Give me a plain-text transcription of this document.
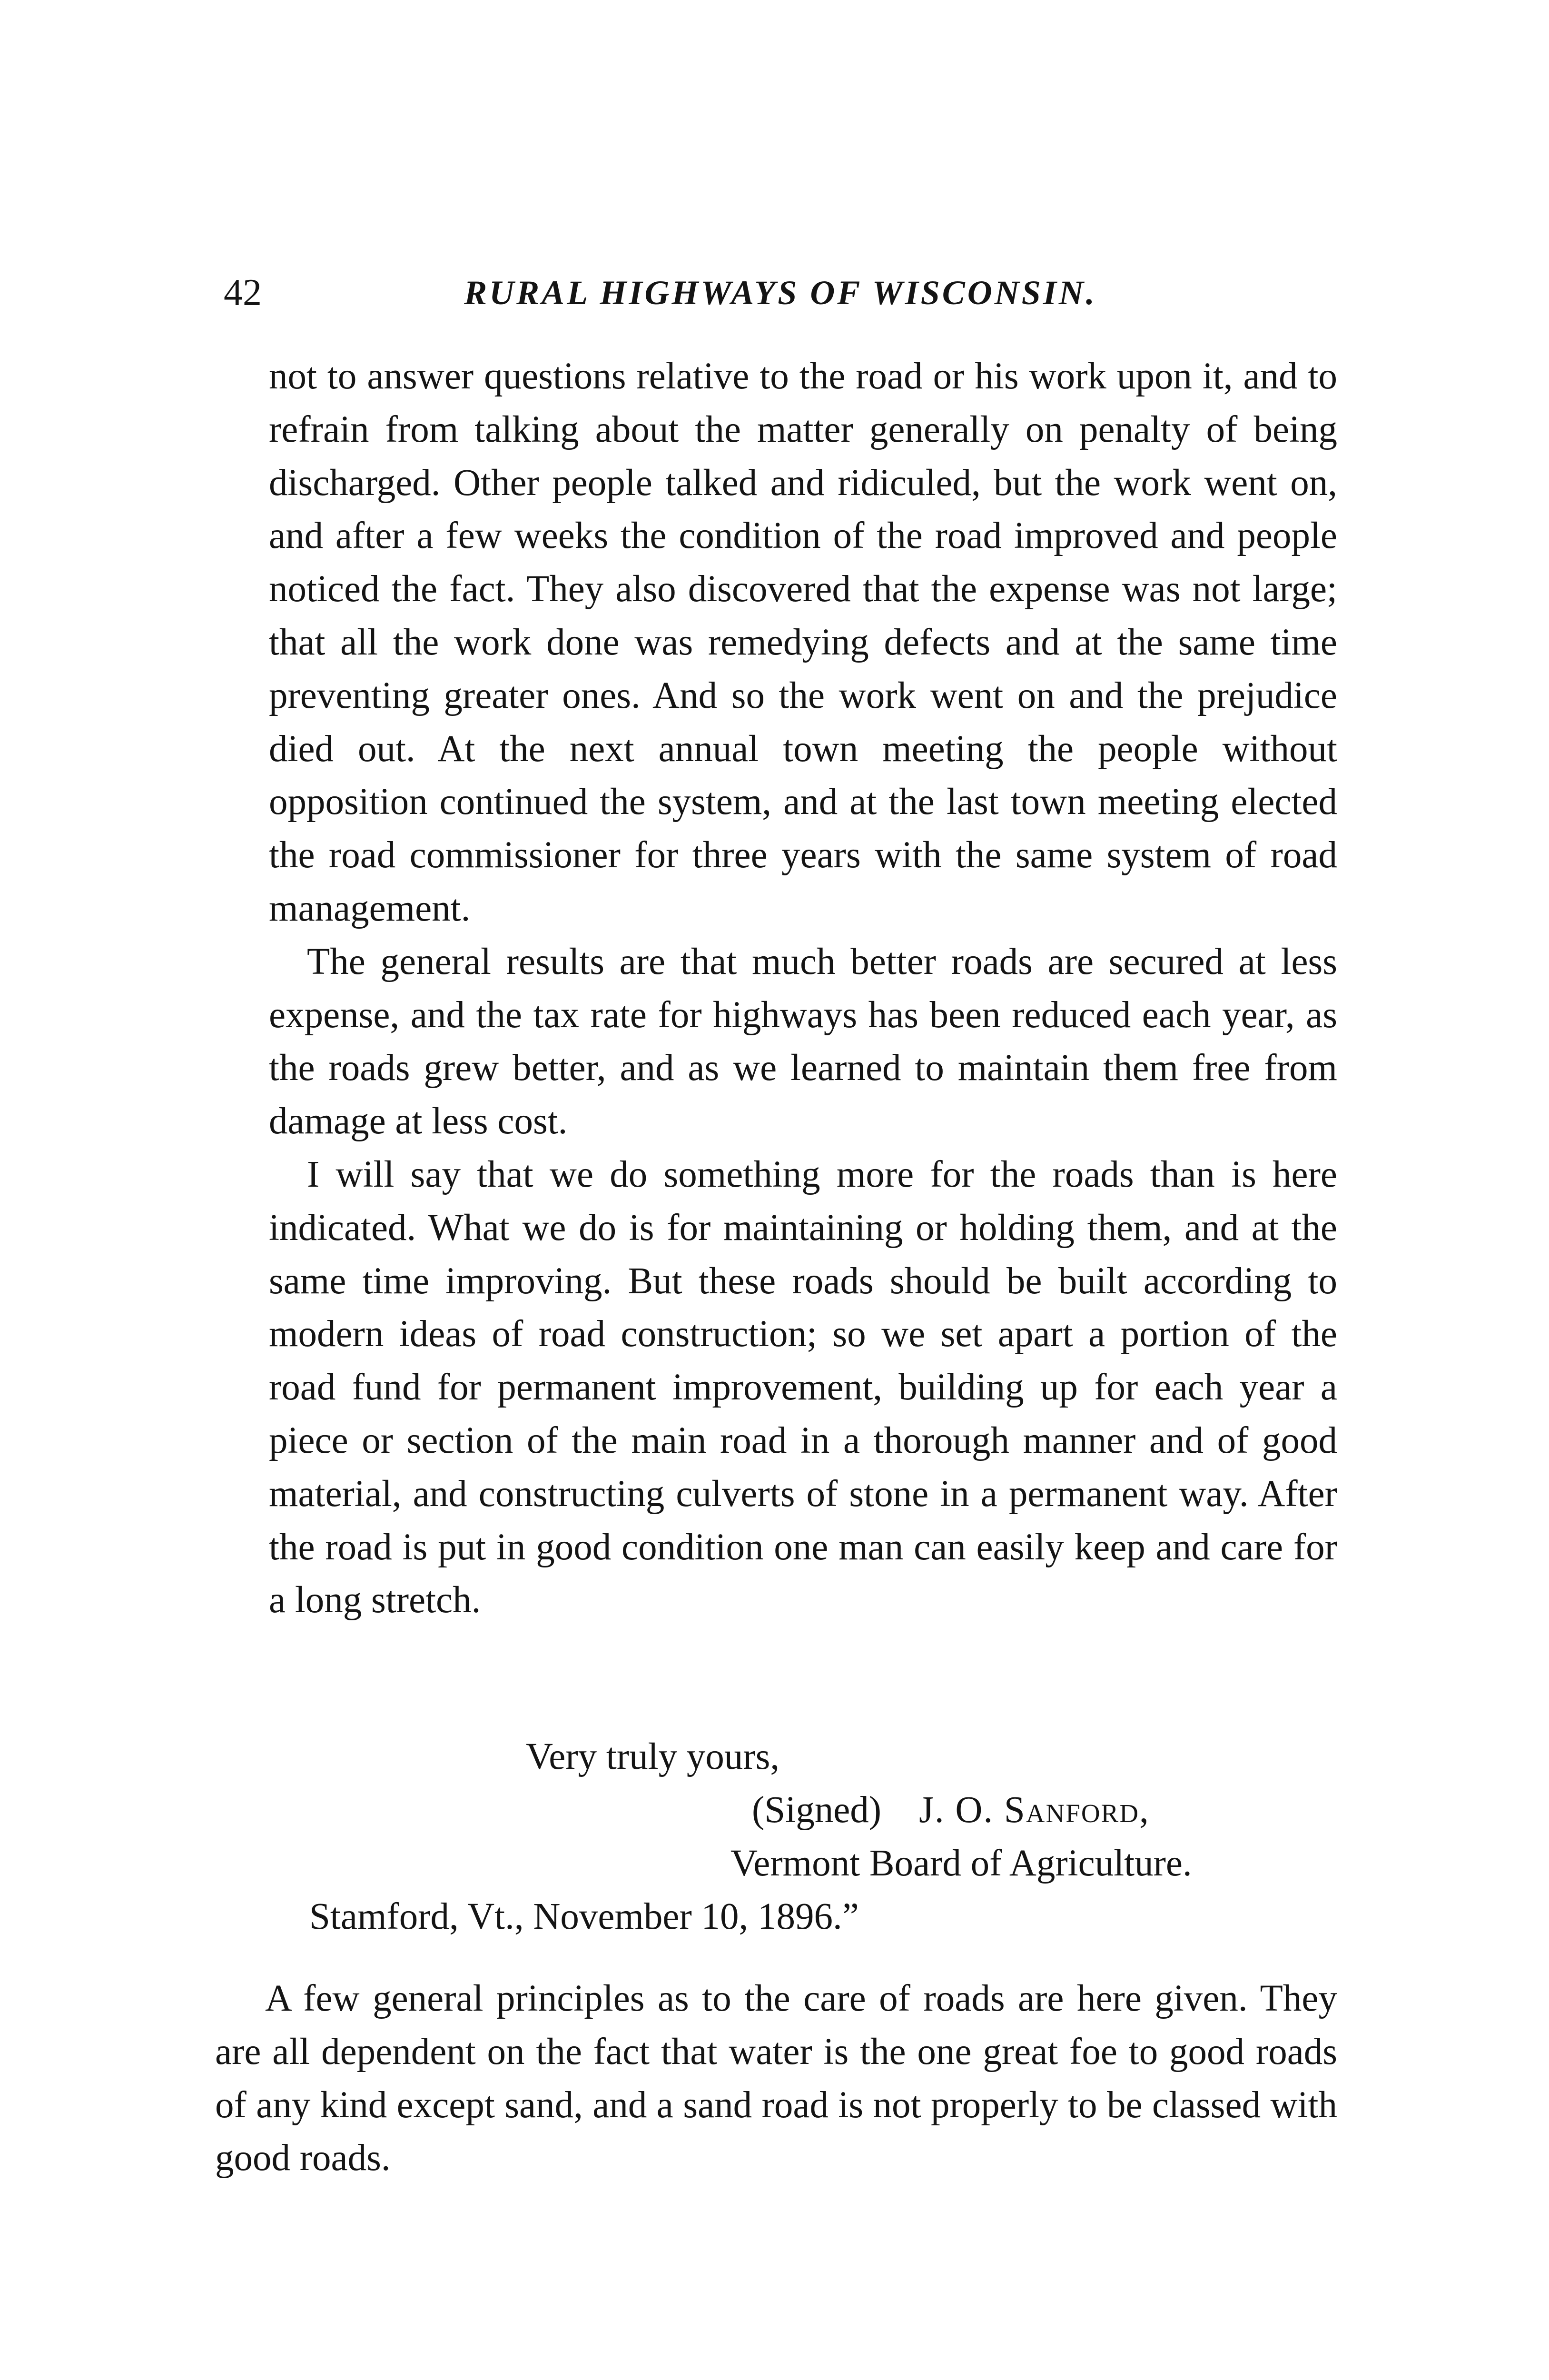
42	RURAL HIGHWAYS OF WISCONSIN.

not to answer questions relative to the road or his work upon it, and to refrain from talking about the matter generally on penalty of being discharged. Other people talked and ridiculed, but the work went on, and after a few weeks the condition of the road improved and people noticed the fact. They also discovered that the expense was not large; that all the work done was remedying defects and at the same time preventing greater ones. And so the work went on and the prejudice died out. At the next annual town meeting the people without opposition continued the system, and at the last town meeting elected the road commissioner for three years with the same system of road management.

The general results are that much better roads are secured at less expense, and the tax rate for highways has been reduced each year, as the roads grew better, and as we learned to maintain them free from damage at less cost.

I will say that we do something more for the roads than is here indicated. What we do is for maintaining or holding them, and at the same time improving. But these roads should be built according to modern ideas of road construction; so we set apart a portion of the road fund for permanent improvement, building up for each year a piece or section of the main road in a thorough manner and of good material, and constructing culverts of stone in a permanent way. After the road is put in good condition one man can easily keep and care for a long stretch.

Very truly yours,
(Signed) J. O. Sanford,
Vermont Board of Agriculture.
Stamford, Vt., November 10, 1896.”

A few general principles as to the care of roads are here given. They are all dependent on the fact that water is the one great foe to good roads of any kind except sand, and a sand road is not properly to be classed with good roads.
